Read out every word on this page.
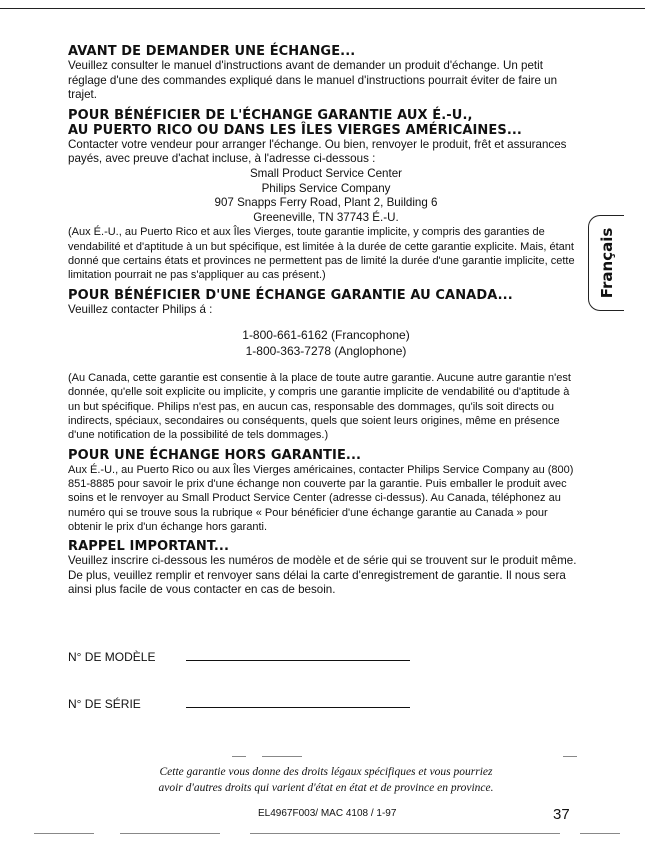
AVANT DE DEMANDER UNE ÉCHANGE...

Veuillez consulter le manuel d'instructions avant de demander un produit d'échange. Un petit réglage d'une des commandes expliqué dans le manuel d'instructions pourrait éviter de faire un trajet.

POUR BÉNÉFICIER DE L'ÉCHANGE GARANTIE AUX É.-U.,

AU PUERTO RICO OU DANS LES ÎLES VIERGES AMÉRICAINES...

Contacter votre vendeur pour arranger l'échange. Ou bien, renvoyer le produit, frêt et assurances payés, avec preuve d'achat incluse, à l'adresse ci-dessous :

Small Product Service Center
Philips Service Company
907 Snapps Ferry Road, Plant 2, Building 6
Greeneville, TN 37743 É.-U.

(Aux É.-U., au Puerto Rico et aux Îles Vierges, toute garantie implicite, y compris des garanties de vendabilité et d'aptitude à un but spécifique, est limitée à la durée de cette garantie explicite. Mais, étant donné que certains états et provinces ne permettent pas de limité la durée d'une garantie implicite, cette limitation pourrait ne pas s'appliquer au cas présent.)

POUR BÉNÉFICIER D'UNE ÉCHANGE GARANTIE AU CANADA...

Veuillez contacter Philips á :

1-800-661-6162 (Francophone)
1-800-363-7278 (Anglophone)

(Au Canada, cette garantie est consentie à la place de toute autre garantie. Aucune autre garantie n'est donnée, qu'elle soit explicite ou implicite, y compris une garantie implicite de vendabilité ou d'aptitude à un but spécifique. Philips n'est pas, en aucun cas, responsable des dommages, qu'ils soit directs ou indirects, spéciaux, secondaires ou conséquents, quels que soient leurs origines, même en présence d'une notification de la possibilité de tels dommages.)

POUR UNE ÉCHANGE HORS GARANTIE...

Aux É.-U., au Puerto Rico ou aux Îles Vierges américaines, contacter Philips Service Company au (800) 851-8885 pour savoir le prix d'une échange non couverte par la garantie. Puis emballer le produit avec soins et le renvoyer au Small Product Service Center (adresse ci-dessus). Au Canada, téléphonez au numéro qui se trouve sous la rubrique « Pour bénéficier d'une échange garantie au Canada » pour obtenir le prix d'un échange hors garanti.

RAPPEL IMPORTANT...

Veuillez inscrire ci-dessous les numéros de modèle et de série qui se trouvent sur le produit même. De plus, veuillez remplir et renvoyer sans délai la carte d'enregistrement de garantie. Il nous sera ainsi plus facile de vous contacter en cas de besoin.

N° DE MODÈLE
N° DE SÉRIE
Cette garantie vous donne des droits légaux spécifiques et vous pourriez
avoir d'autres droits qui varient d'état en état et de province en province.
EL4967F003/ MAC 4108 / 1-97	37
Français
